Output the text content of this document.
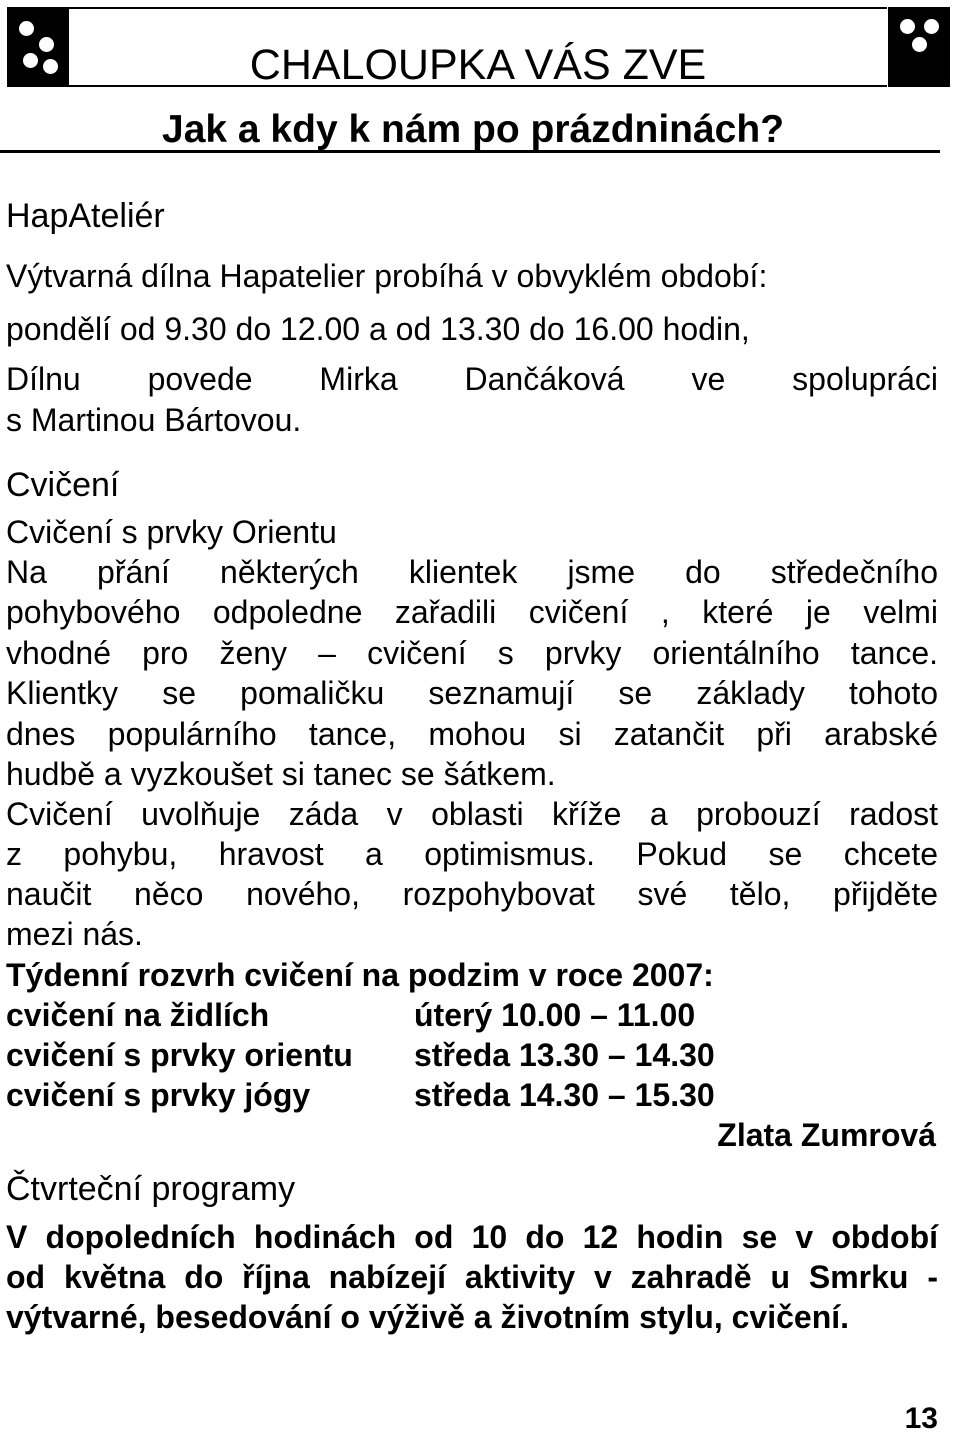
CHALOUPKA VÁS ZVE
Jak a kdy k nám po prázdninách?
HapAteliér
Výtvarná dílna Hapatelier probíhá v obvyklém období:
pondělí od 9.30 do 12.00 a od 13.30 do 16.00 hodin,
Dílnu povede Mirka Dančáková ve spolupráci
s Martinou Bártovou.
Cvičení
Cvičení s prvky Orientu
Na přání některých klientek jsme do středečního
pohybového odpoledne zařadili cvičení , které je velmi
vhodné pro ženy – cvičení s prvky orientálního tance.
Klientky se pomaličku seznamují se základy tohoto
dnes populárního tance, mohou si zatančit při arabské
hudbě a vyzkoušet si tanec se šátkem.
Cvičení uvolňuje záda v oblasti kříže a probouzí radost
z pohybu, hravost a optimismus. Pokud se chcete
naučit něco nového, rozpohybovat své tělo, přijděte
mezi nás.
Týdenní rozvrh cvičení na podzim v roce 2007:
cvičení na židlích	úterý 10.00 – 11.00
cvičení s prvky orientu středa 13.30 – 14.30
cvičení s prvky jógy	středa 14.30 – 15.30
Zlata Zumrová
Čtvrteční programy
V dopoledních hodinách od 10 do 12 hodin se v období
od května do října nabízejí aktivity v zahradě u Smrku -
výtvarné, besedování o výživě a životním stylu, cvičení.
13
